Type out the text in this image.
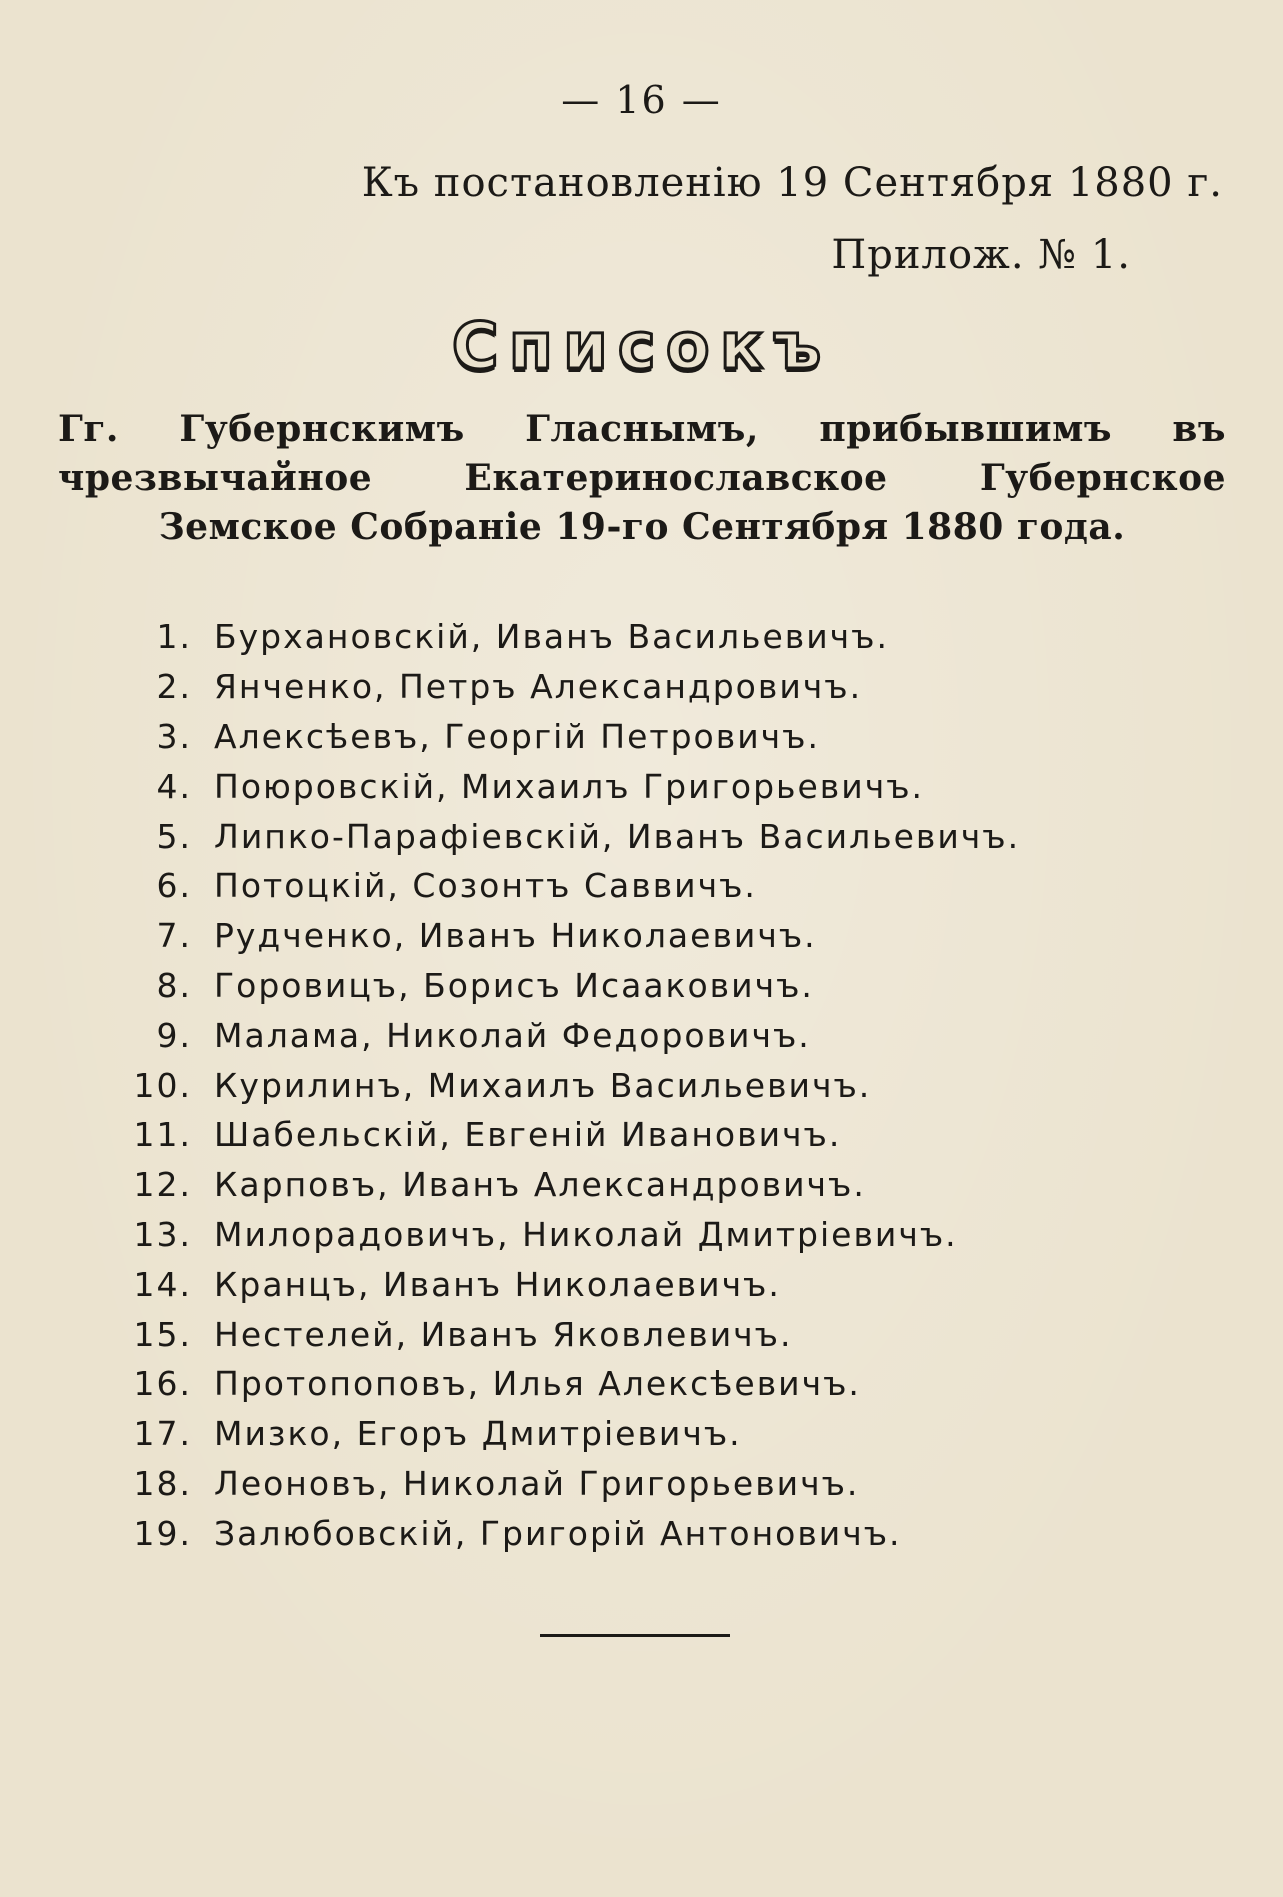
— 16 —
Къ постановленію 19 Сентября 1880 г.
Прилож. № 1.
Списокъ
Гг. Губернскимъ Гласнымъ, прибывшимъ въ чрезвычайное Екатеринославское Губернское Земское Собраніе 19-го Сентября 1880 года.
1. Бурхановскій, Иванъ Васильевичъ.
2. Янченко, Петръ Александровичъ.
3. Алексѣевъ, Георгій Петровичъ.
4. Поюровскій, Михаилъ Григорьевичъ.
5. Липко-Парафіевскій, Иванъ Васильевичъ.
6. Потоцкій, Созонтъ Саввичъ.
7. Рудченко, Иванъ Николаевичъ.
8. Горовицъ, Борисъ Исааковичъ.
9. Малама, Николай Федоровичъ.
10. Курилинъ, Михаилъ Васильевичъ.
11. Шабельскій, Евгеній Ивановичъ.
12. Карповъ, Иванъ Александровичъ.
13. Милорадовичъ, Николай Дмитріевичъ.
14. Кранцъ, Иванъ Николаевичъ.
15. Нестелей, Иванъ Яковлевичъ.
16. Протопоповъ, Илья Алексѣевичъ.
17. Мизко, Егоръ Дмитріевичъ.
18. Леоновъ, Николай Григорьевичъ.
19. Залюбовскій, Григорій Антоновичъ.
